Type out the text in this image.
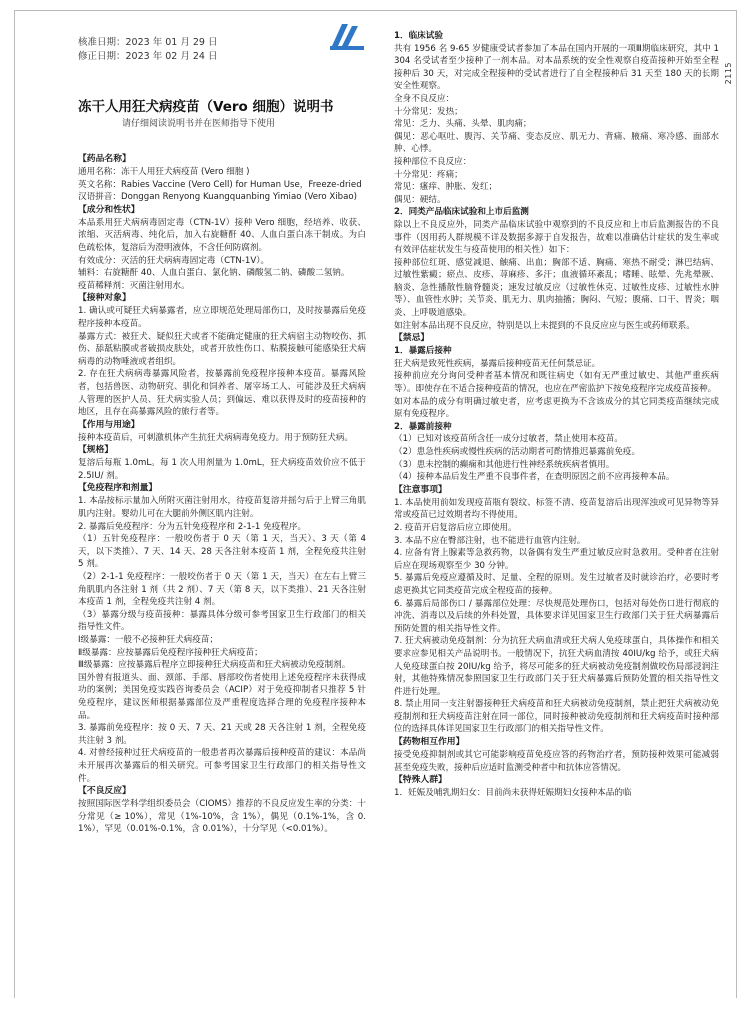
核准日期：2023 年 01 月 29 日
修正日期：2023 年 02 月 24 日
冻干人用狂犬病疫苗（Vero 细胞）说明书
请仔细阅读说明书并在医师指导下使用
【药品名称】
通用名称：冻干人用狂犬病疫苗 (Vero 细胞 )
英文名称：Rabies Vaccine (Vero Cell) for Human Use，Freeze-dried
汉语拼音：Donggan Renyong Kuangquanbing Yimiao (Vero Xibao)
【成分和性状】
本品系用狂犬病病毒固定毒（CTN-1V）接种 Vero 细胞，经培养、收获、浓缩、灭活病毒、纯化后，加入右旋糖酐 40、人血白蛋白冻干制成。为白色疏松体，复溶后为澄明液体，不含任何防腐剂。
有效成分：灭活的狂犬病病毒固定毒（CTN-1V）。
辅料：右旋糖酐 40、人血白蛋白、氯化钠、磷酸氢二钠、磷酸二氢钠。
疫苗稀释剂：灭菌注射用水。
【接种对象】
1. 确认或可疑狂犬病暴露者，应立即规范处理局部伤口，及时按暴露后免疫程序接种本疫苗。
暴露方式：被狂犬、疑似狂犬或者不能确定健康的狂犬病宿主动物咬伤、抓伤、舔舐粘膜或者破损皮肤处，或者开放性伤口、粘膜接触可能感染狂犬病病毒的动物唾液或者组织。
2. 存在狂犬病病毒暴露风险者，按暴露前免疫程序接种本疫苗。暴露风险者，包括兽医、动物研究、驯化和饲养者、屠宰场工人、可能涉及狂犬病病人管理的医护人员、狂犬病实验人员；到偏远、难以获得及时的疫苗接种的地区，且存在高暴露风险的旅行者等。
【作用与用途】
接种本疫苗后，可刺激机体产生抗狂犬病病毒免疫力。用于预防狂犬病。
【规格】
复溶后每瓶 1.0mL。每 1 次人用剂量为 1.0mL，狂犬病疫苗效价应不低于 2.5IU/ 剂。
【免疫程序和剂量】
1. 本品按标示量加入所附灭菌注射用水，待疫苗复溶并摇匀后于上臂三角肌肌内注射。婴幼儿可在大腿前外侧区肌内注射。
2. 暴露后免疫程序：分为五针免疫程序和 2-1-1 免疫程序。
（1）五针免疫程序：一般咬伤者于 0 天（第 1 天，当天）、3 天（第 4 天，以下类推）、7 天、14 天、28 天各注射本疫苗 1 剂，全程免疫共注射 5 剂。
（2）2-1-1 免疫程序：一般咬伤者于 0 天（第 1 天，当天）在左右上臂三角肌肌内各注射 1 剂（共 2 剂）、7 天（第 8 天，以下类推）、21 天各注射本疫苗 1 剂，全程免疫共注射 4 剂。
（3）暴露分级与疫苗接种：暴露具体分级可参考国家卫生行政部门的相关指导性文件。
Ⅰ级暴露：一般不必接种狂犬病疫苗；
Ⅱ级暴露：应按暴露后免疫程序接种狂犬病疫苗；
Ⅲ级暴露：应按暴露后程序立即接种狂犬病疫苗和狂犬病被动免疫制剂。
国外曾有报道头、面、颈部、手部、唇部咬伤者使用上述免疫程序未获得成功的案例；美国免疫实践咨询委员会（ACIP）对于免疫抑制者只推荐 5 针免疫程序，建议医师根据暴露部位及严重程度选择合理的免疫程序接种本品。
3. 暴露前免疫程序：按 0 天、7 天、21 天或 28 天各注射 1 剂，全程免疫共注射 3 剂。
4. 对曾经接种过狂犬病疫苗的一般患者再次暴露后接种疫苗的建议：本品尚未开展再次暴露后的相关研究。可参考国家卫生行政部门的相关指导性文件。
【不良反应】
按照国际医学科学组织委员会（CIOMS）推荐的不良反应发生率的分类：十分常见（≥ 10%），常见（1%-10%，含 1%），偶见（0.1%-1%，含 0.1%），罕见（0.01%-0.1%，含 0.01%），十分罕见（<0.01%）。
1．临床试验
共有 1956 名 9-65 岁健康受试者参加了本品在国内开展的一项Ⅲ期临床研究，其中 1304 名受试者至少接种了一剂本品。对本品系统的安全性观察自疫苗接种开始至全程接种后 30 天，对完成全程接种的受试者进行了自全程接种后 31 天至 180 天的长期安全性观察。
全身不良反应：
十分常见：发热；
常见：乏力、头痛、头晕、肌肉痛；
偶见：恶心呕吐、腹泻、关节痛、变态反应、肌无力、背痛、腋痛、寒冷感、面部水肿、心悸。
接种部位不良反应：
十分常见：疼痛；
常见：瘙痒、肿胀、发红；
偶见：硬结。
2．同类产品临床试验和上市后监测
除以上不良反应外，同类产品临床试验中观察到的不良反应和上市后监测报告的不良事件（因用药人群规模不详及数据多源于自发报告，故难以准确估计症状的发生率或有效评估症状发生与疫苗使用的相关性）如下：
接种部位红斑、感觉减退、触痛、出血；胸部不适、胸痛、寒热不耐受；淋巴结病、过敏性紫癜；瘀点、皮疹、荨麻疹、多汗；血液循环紊乱；嗜睡、眩晕、先兆晕厥、脑炎、急性播散性脑脊髓炎；速发过敏反应（过敏性休克、过敏性皮疹、过敏性水肿等）、血管性水肿；关节炎、肌无力、肌肉抽搐；胸闷、气短；腹痛、口干、胃炎；咽炎、上呼吸道感染。
如注射本品出现不良反应，特别是以上未提到的不良反应应与医生或药师联系。
【禁忌】
1．暴露后接种
狂犬病是致死性疾病，暴露后接种疫苗无任何禁忌证。
接种前应充分询问受种者基本情况和既往病史（如有无严重过敏史、其他严重疾病等）。即使存在不适合接种疫苗的情况，也应在严密监护下按免疫程序完成疫苗接种。
如对本品的成分有明确过敏史者，应考虑更换为不含该成分的其它同类疫苗继续完成原有免疫程序。
2．暴露前接种
（1）已知对该疫苗所含任一成分过敏者，禁止使用本疫苗。
（2）患急性疾病或慢性疾病的活动期者可酌情推迟暴露前免疫。
（3）患未控制的癫痫和其他进行性神经系统疾病者慎用。
（4）接种本品后发生严重不良事件者，在查明原因之前不应再接种本品。
【注意事项】
1. 本品使用前如发现疫苗瓶有裂纹、标签不清、疫苗复溶后出现浑浊或可见异物等异常或疫苗已过效期者均不得使用。
2. 疫苗开启复溶后应立即使用。
3. 本品不应在臀部注射，也不能进行血管内注射。
4. 应备有肾上腺素等急救药物，以备偶有发生严重过敏反应时急救用。受种者在注射后应在现场观察至少 30 分钟。
5. 暴露后免疫应遵循及时、足量、全程的原则。发生过敏者及时就诊治疗，必要时考虑更换其它同类疫苗完成全程疫苗的接种。
6. 暴露后局部伤口 / 暴露部位处理：尽快规范处理伤口，包括对每处伤口进行彻底的冲洗、消毒以及后续的外科处置，具体要求详见国家卫生行政部门关于狂犬病暴露后预防处置的相关指导性文件。
7. 狂犬病被动免疫制剂：分为抗狂犬病血清或狂犬病人免疫球蛋白，具体操作和相关要求应参见相关产品说明书。一般情况下，抗狂犬病血清按 40IU/kg 给予，或狂犬病人免疫球蛋白按 20IU/kg 给予，将尽可能多的狂犬病被动免疫制剂做咬伤局部浸润注射，其他特殊情况参照国家卫生行政部门关于狂犬病暴露后预防处置的相关指导性文件进行处理。
8. 禁止用同一支注射器接种狂犬病疫苗和狂犬病被动免疫制剂，禁止把狂犬病被动免疫制剂和狂犬病疫苗注射在同一部位，同时接种被动免疫制剂和狂犬病疫苗时接种部位的选择具体详见国家卫生行政部门的相关指导性文件。
【药物相互作用】
接受免疫抑制剂或其它可能影响疫苗免疫应答的药物治疗者，预防接种效果可能减弱甚至免疫失败，接种后应适时监测受种者中和抗体应答情况。
【特殊人群】
1．妊娠及哺乳期妇女：目前尚未获得妊娠期妇女接种本品的临
2115
